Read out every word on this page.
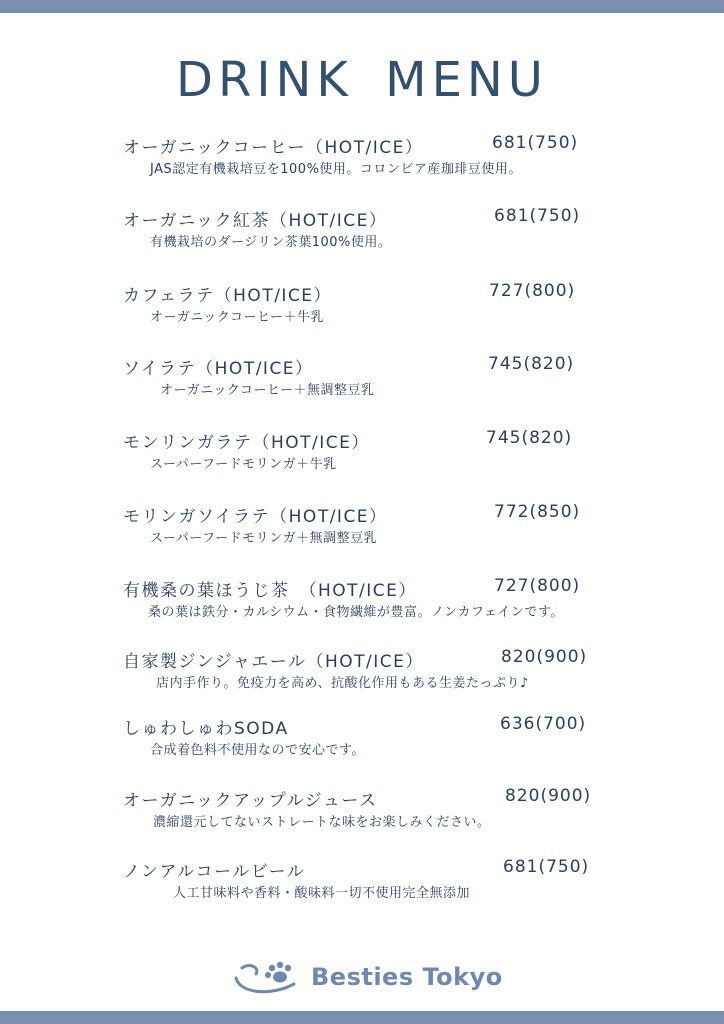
DRINK MENU
オーガニックコーヒー（HOT/ICE）	681(750)
JAS認定有機栽培豆を100%使用。コロンビア産珈琲豆使用。
オーガニック紅茶（HOT/ICE）	681(750)
有機栽培のダージリン茶葉100%使用。
カフェラテ（HOT/ICE）	727(800)
オーガニックコーヒー＋牛乳
ソイラテ（HOT/ICE）	745(820)
オーガニックコーヒー＋無調整豆乳
モンリンガラテ（HOT/ICE）	745(820)
スーパーフードモリンガ＋牛乳
モリンガソイラテ（HOT/ICE）	772(850)
スーパーフードモリンガ＋無調整豆乳
有機桑の葉ほうじ茶　（HOT/ICE）	727(800)
桑の葉は鉄分・カルシウム・食物繊維が豊富。ノンカフェインです。
自家製ジンジャエール（HOT/ICE）	820(900)
店内手作り。免疫力を高め、抗酸化作用もある生姜たっぷり♪
しゅわしゅわSODA	636(700)
合成着色料不使用なので安心です。
オーガニックアップルジュース	820(900)
濃縮還元してないストレートな味をお楽しみください。
ノンアルコールビール	681(750)
人工甘味料や香料・酸味料一切不使用完全無添加
Besties Tokyo
